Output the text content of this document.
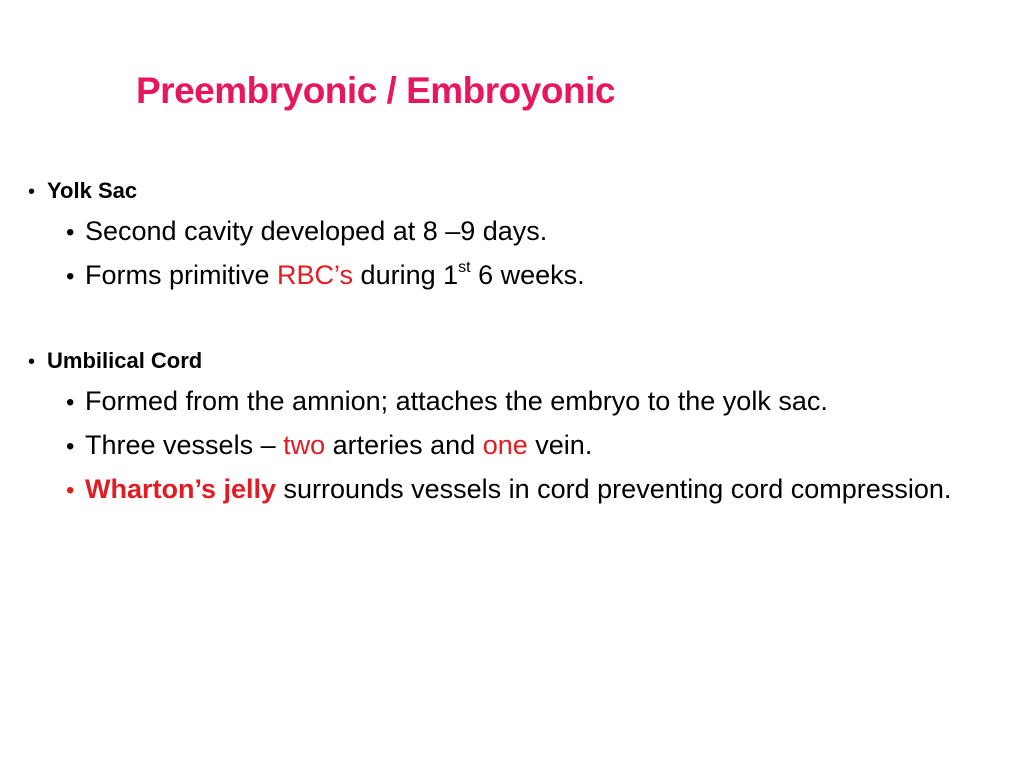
Preembryonic / Embroyonic
• Yolk Sac
• Second cavity developed at 8 –9 days.
• Forms primitive RBC’s during 1st 6 weeks.
• Umbilical Cord
• Formed from the amnion; attaches the embryo to the yolk sac.
• Three vessels – two arteries and one vein.
• Wharton’s jelly surrounds vessels in cord preventing cord compression.
